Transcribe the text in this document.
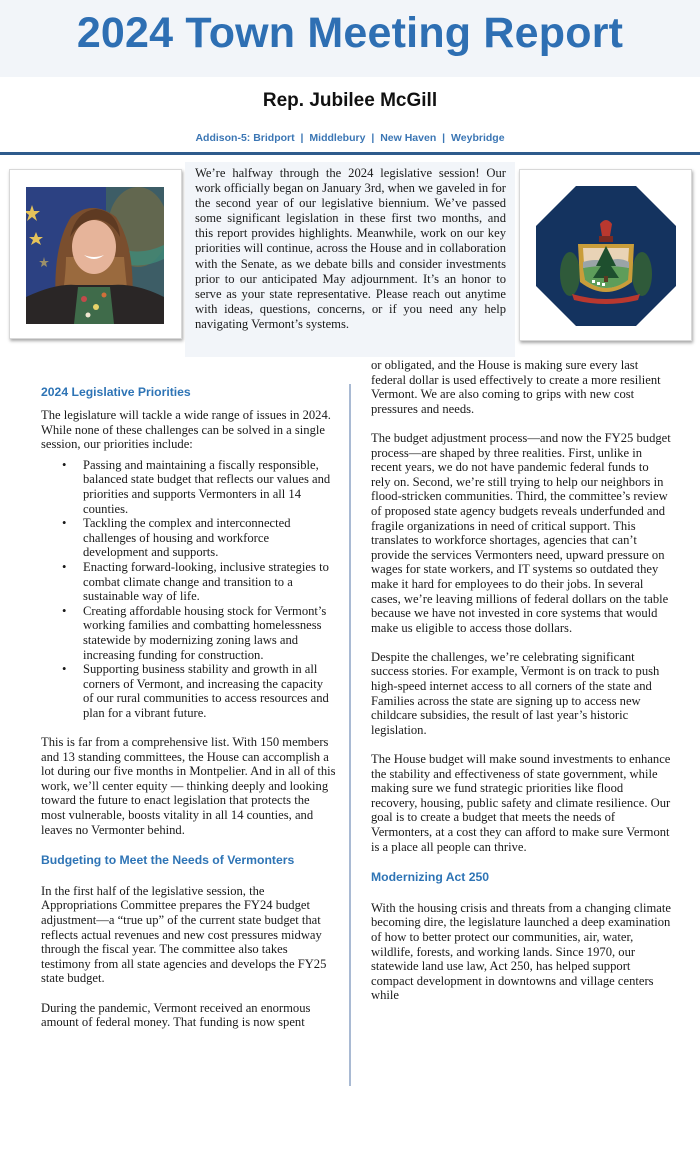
2024 Town Meeting Report
Rep. Jubilee McGill
Addison-5: Bridport | Middlebury | New Haven | Weybridge

We’re halfway through the 2024 legislative session! Our work officially began on January 3rd, when we gaveled in for the second year of our legislative biennium. We’ve passed some significant legislation in these first two months, and this report provides highlights. Meanwhile, work on our key priorities will continue, across the House and in collaboration with the Senate, as we debate bills and consider investments prior to our anticipated May adjournment. It’s an honor to serve as your state representative. Please reach out anytime with ideas, questions, concerns, or if you need any help navigating Vermont’s systems.

2024 Legislative Priorities

The legislature will tackle a wide range of issues in 2024. While none of these challenges can be solved in a single session, our priorities include:

• Passing and maintaining a fiscally responsible, balanced state budget that reflects our values and priorities and supports Vermonters in all 14 counties.
• Tackling the complex and interconnected challenges of housing and workforce development and supports.
• Enacting forward-looking, inclusive strategies to combat climate change and transition to a sustainable way of life.
• Creating affordable housing stock for Vermont’s working families and combatting homelessness statewide by modernizing zoning laws and increasing funding for construction.
• Supporting business stability and growth in all corners of Vermont, and increasing the capacity of our rural communities to access resources and plan for a vibrant future.

This is far from a comprehensive list. With 150 members and 13 standing committees, the House can accomplish a lot during our five months in Montpelier. And in all of this work, we’ll center equity — thinking deeply and looking toward the future to enact legislation that protects the most vulnerable, boosts vitality in all 14 counties, and leaves no Vermonter behind.

Budgeting to Meet the Needs of Vermonters

In the first half of the legislative session, the Appropriations Committee prepares the FY24 budget adjustment—a “true up” of the current state budget that reflects actual revenues and new cost pressures midway through the fiscal year. The committee also takes testimony from all state agencies and develops the FY25 state budget.

During the pandemic, Vermont received an enormous amount of federal money. That funding is now spent

or obligated, and the House is making sure every last federal dollar is used effectively to create a more resilient Vermont. We are also coming to grips with new cost pressures and needs.

The budget adjustment process—and now the FY25 budget process—are shaped by three realities. First, unlike in recent years, we do not have pandemic federal funds to rely on. Second, we’re still trying to help our neighbors in flood-stricken communities. Third, the committee’s review of proposed state agency budgets reveals underfunded and fragile organizations in need of critical support. This translates to workforce shortages, agencies that can’t provide the services Vermonters need, upward pressure on wages for state workers, and IT systems so outdated they make it hard for employees to do their jobs. In several cases, we’re leaving millions of federal dollars on the table because we have not invested in core systems that would make us eligible to access those dollars.

Despite the challenges, we’re celebrating significant success stories. For example, Vermont is on track to push high-speed internet access to all corners of the state and Families across the state are signing up to access new childcare subsidies, the result of last year’s historic legislation.

The House budget will make sound investments to enhance the stability and effectiveness of state government, while making sure we fund strategic priorities like flood recovery, housing, public safety and climate resilience. Our goal is to create a budget that meets the needs of Vermonters, at a cost they can afford to make sure Vermont is a place all people can thrive.

Modernizing Act 250

With the housing crisis and threats from a changing climate becoming dire, the legislature launched a deep examination of how to better protect our communities, air, water, wildlife, forests, and working lands. Since 1970, our statewide land use law, Act 250, has helped support compact development in downtowns and village centers while
